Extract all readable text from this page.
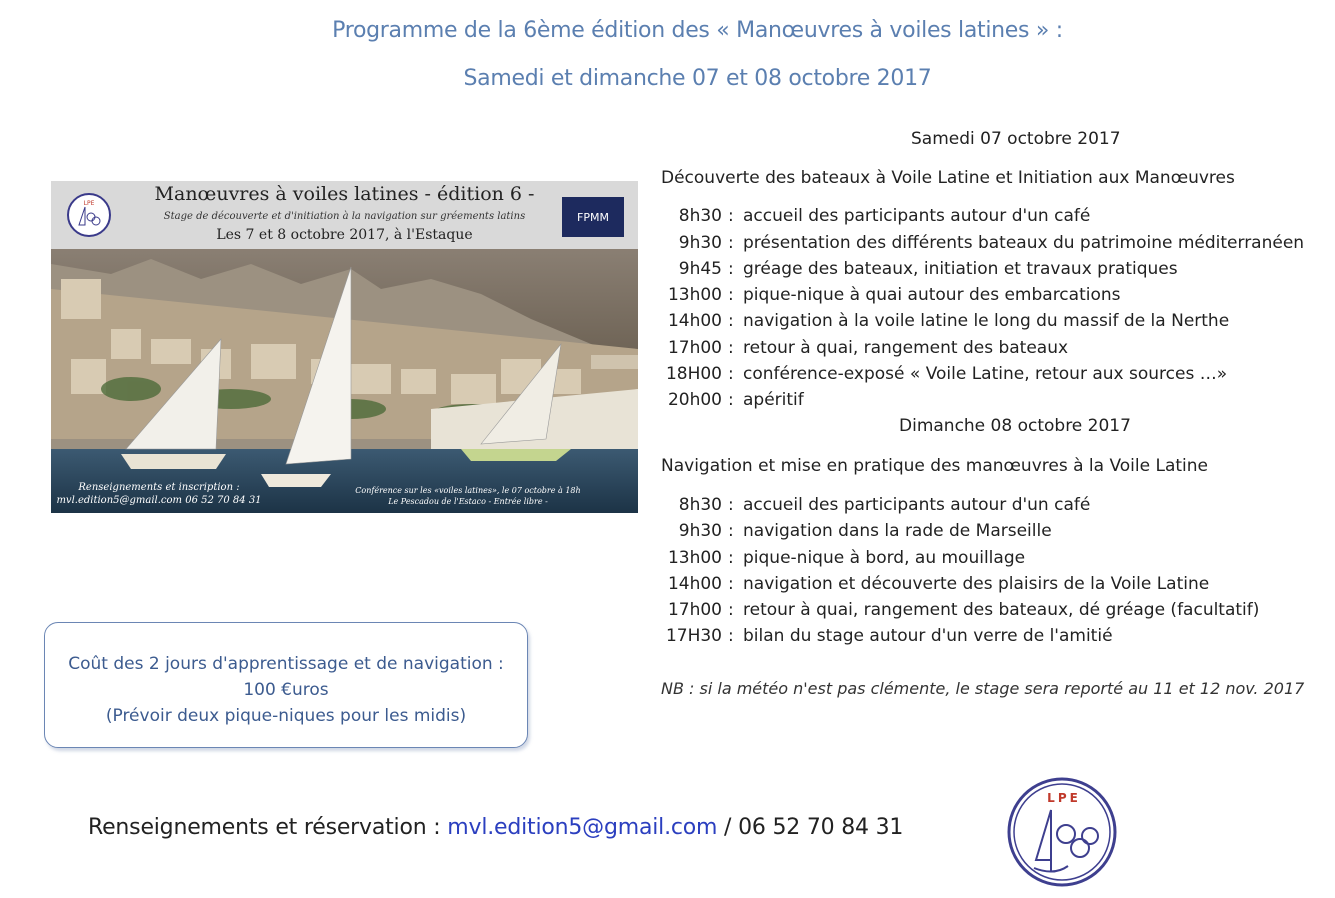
Programme de la 6ème édition des « Manœuvres à voiles latines » :
Samedi et dimanche 07 et 08 octobre 2017
LPE	Manœuvres à voiles latines - édition 6 -
Stage de découverte et d'initiation à la navigation sur gréements latins
Les 7 et 8 octobre 2017, à l'Estaque
FPMM
Renseignements et inscription :
mvl.edition5@gmail.com 06 52 70 84 31
Conférence sur les «voiles latines», le 07 octobre à 18h
Le Pescadou de l'Estaco - Entrée libre -
Samedi 07 octobre 2017
Découverte des bateaux à Voile Latine et Initiation aux Manœuvres
8h30 : accueil des participants autour d'un café
9h30 : présentation des différents bateaux du patrimoine méditerranéen
9h45 : gréage des bateaux, initiation et travaux pratiques
13h00 : pique-nique à quai autour des embarcations
14h00 : navigation à la voile latine le long du massif de la Nerthe
17h00 : retour à quai, rangement des bateaux
18H00 : conférence-exposé « Voile Latine, retour aux sources …»
20h00 : apéritif
Dimanche 08 octobre 2017
Navigation et mise en pratique des manœuvres à la Voile Latine
8h30 : accueil des participants autour d'un café
9h30 : navigation dans la rade de Marseille
13h00 : pique-nique à bord, au mouillage
14h00 : navigation et découverte des plaisirs de la Voile Latine
17h00 : retour à quai, rangement des bateaux, dé gréage (facultatif)
17H30 : bilan du stage autour d'un verre de l'amitié
NB : si la météo n'est pas clémente, le stage sera reporté au 11 et 12 nov. 2017
Coût des 2 jours d'apprentissage et de navigation :
100 €uros
(Prévoir deux pique-niques pour les midis)
Renseignements et réservation : mvl.edition5@gmail.com / 06 52 70 84 31
LPE
